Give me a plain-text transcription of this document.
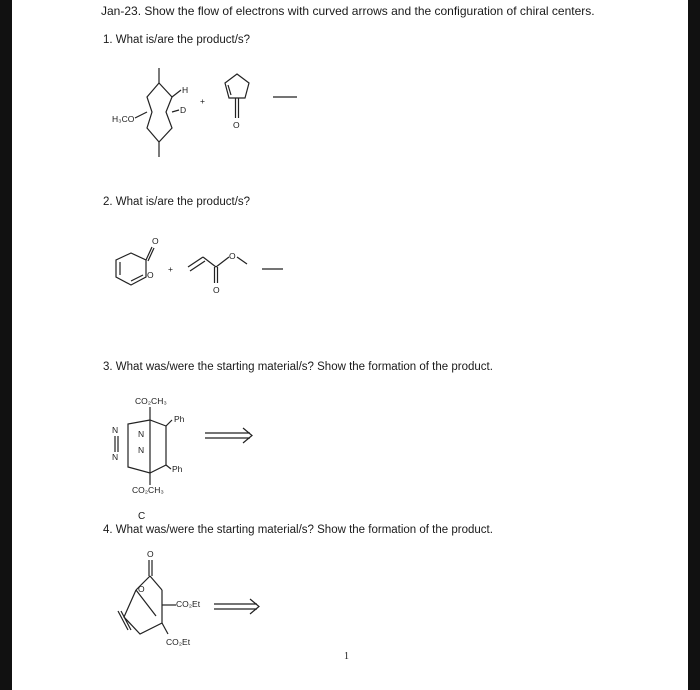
Jan-23. Show the flow of electrons with curved arrows and the configuration of chiral centers.
1. What is/are the product/s?
2. What is/are the product/s?
3. What was/were the starting material/s? Show the formation of the product.
C
4. What was/were the starting material/s? Show the formation of the product.
H₃CO
H
D
+
O
O
O
+
O
O
CO₂CH₃
CO₂CH₃
Ph
Ph
N
N
N
N
O
O
CO₂Et
CO₂Et
1
